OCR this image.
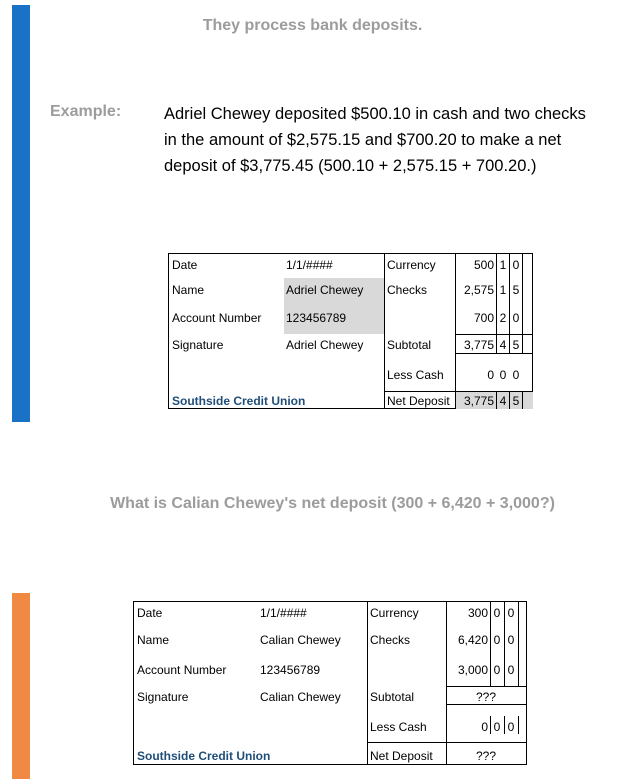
They process bank deposits.
Example:	Adriel Chewey deposited $500.10 in cash and two checks
in the amount of $2,575.15 and $700.20 to make a net
deposit of $3,775.45 (500.10 + 2,575.15 + 700.20.)
Date
Name
Account Number
Signature
Southside Credit Union
1/1/####
Adriel Chewey
123456789
Adriel Chewey
Currency
Checks
Subtotal
Less Cash
Net Deposit
500 1 0
2,575 1 5
700 2 0
3,775 4 5
0 0 0
3,775 4 5
What is Calian Chewey's net deposit (300 + 6,420 + 3,000?)
Date
Name
Account Number
Signature
Southside Credit Union
1/1/####
Calian Chewey
123456789
Calian Chewey
Currency
Checks
Subtotal
Less Cash
Net Deposit
300 0 0
6,420 0 0
3,000 0 0
???
0 0 0
???
